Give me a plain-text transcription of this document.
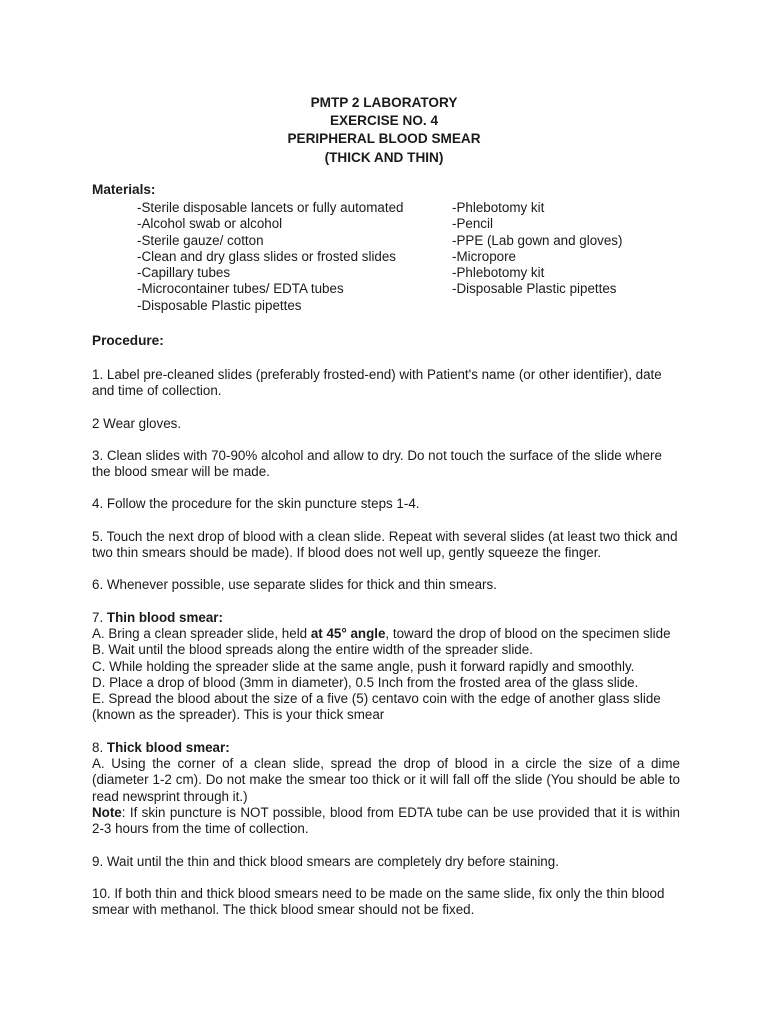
PMTP 2 LABORATORY
EXERCISE NO. 4
PERIPHERAL BLOOD SMEAR
(THICK AND THIN)
Materials:
-Sterile disposable lancets or fully automated
-Alcohol swab or alcohol
-Sterile gauze/ cotton
-Clean and dry glass slides or frosted slides
-Capillary tubes
-Microcontainer tubes/ EDTA tubes
-Disposable Plastic pipettes
-Phlebotomy kit
-Pencil
-PPE (Lab gown and gloves)
-Micropore
-Phlebotomy kit
-Disposable Plastic pipettes
Procedure:

1. Label pre-cleaned slides (preferably frosted-end) with Patient's name (or other identifier), date and time of collection.

2 Wear gloves.

3. Clean slides with 70-90% alcohol and allow to dry. Do not touch the surface of the slide where the blood smear will be made.

4. Follow the procedure for the skin puncture steps 1-4.

5. Touch the next drop of blood with a clean slide. Repeat with several slides (at least two thick and two thin smears should be made). If blood does not well up, gently squeeze the finger.

6. Whenever possible, use separate slides for thick and thin smears.

7. Thin blood smear:

A. Bring a clean spreader slide, held at 45° angle, toward the drop of blood on the specimen slide

B. Wait until the blood spreads along the entire width of the spreader slide.

C. While holding the spreader slide at the same angle, push it forward rapidly and smoothly.

D. Place a drop of blood (3mm in diameter), 0.5 Inch from the frosted area of the glass slide.

E. Spread the blood about the size of a five (5) centavo coin with the edge of another glass slide (known as the spreader). This is your thick smear

8. Thick blood smear:

A. Using the corner of a clean slide, spread the drop of blood in a circle the size of a dime (diameter 1-2 cm). Do not make the smear too thick or it will fall off the slide (You should be able to read newsprint through it.)

Note: If skin puncture is NOT possible, blood from EDTA tube can be use provided that it is within 2-3 hours from the time of collection.

9. Wait until the thin and thick blood smears are completely dry before staining.

10. If both thin and thick blood smears need to be made on the same slide, fix only the thin blood smear with methanol. The thick blood smear should not be fixed.
